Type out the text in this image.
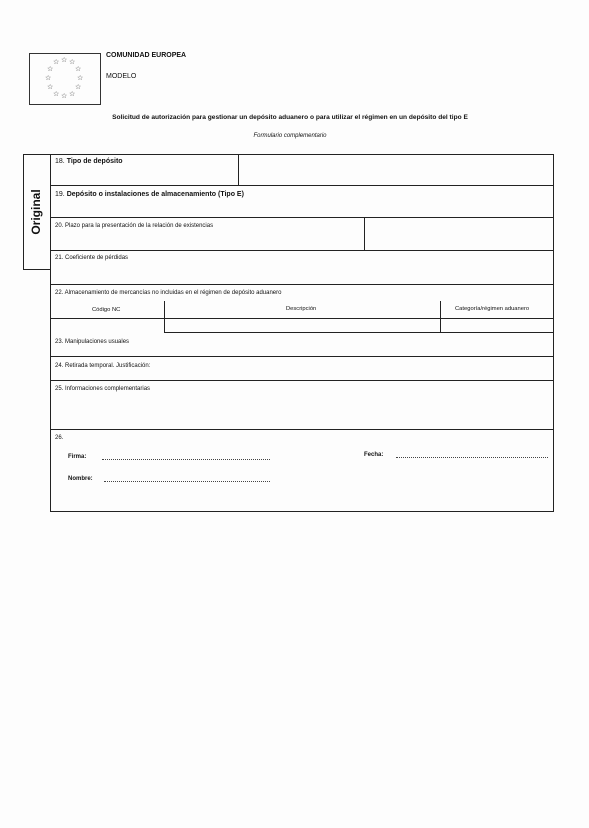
☆ ☆ ☆
☆	☆
☆	☆
☆	☆
☆ ☆ ☆
COMUNIDAD EUROPEA
MODELO
Solicitud de autorización para gestionar un depósito aduanero o para utilizar el régimen en un depósito del tipo E
Formulario complementario
Original
18. Tipo de depósito
19. Depósito o instalaciones de almacenamiento (Tipo E)
20. Plazo para la presentación de la relación de existencias
21. Coeficiente de pérdidas
22. Almacenamiento de mercancías no incluidas en el régimen de depósito aduanero
Código NC	Descripción	Categoría/régimen aduanero
23. Manipulaciones usuales
24. Retirada temporal. Justificación:
25. Informaciones complementarias
26.
Firma:	Fecha:
Nombre:
